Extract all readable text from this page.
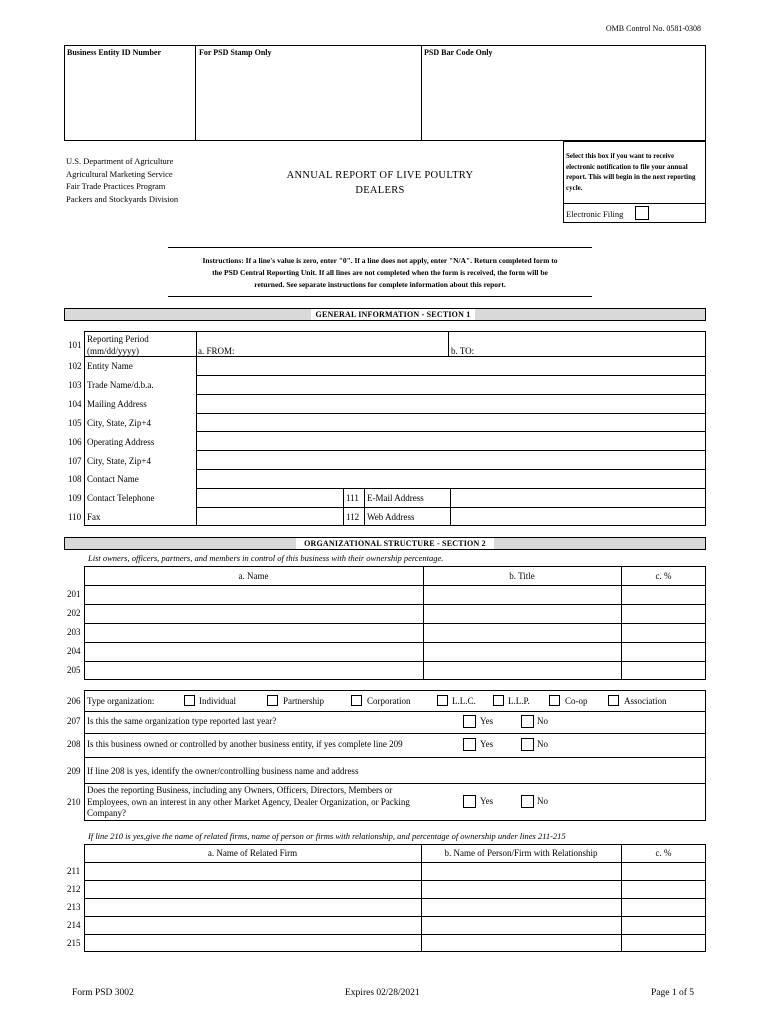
OMB Control No. 0581-0308
Business Entity ID Number	For PSD Stamp Only	PSD Bar Code Only
U.S. Department of Agriculture
Agricultural Marketing Service
Fair Trade Practices Program
Packers and Stockyards Division
ANNUAL REPORT OF LIVE POULTRY
DEALERS
Select this box if you want to receive electronic notification to file your annual report. This will begin in the next reporting cycle.
Electronic Filing
Instructions: If a line's value is zero, enter "0". If a line does not apply, enter "N/A". Return completed form to
the PSD Central Reporting Unit. If all lines are not completed when the form is received, the form will be
returned. See separate instructions for complete information about this report.
GENERAL INFORMATION - SECTION 1
101
Reporting Period
(mm/dd/yyyy)	a. FROM:	b. TO:
102 Entity Name
103 Trade Name/d.b.a.
104 Mailing Address
105 City, State, Zip+4
106 Operating Address
107 City, State, Zip+4
108 Contact Name
109 Contact Telephone	111 E-Mail Address
110 Fax	112 Web Address
ORGANIZATIONAL STRUCTURE - SECTION 2
List owners, officers, partners, and members in control of this business with their ownership percentage.
a. Name	b. Title	c. %
201
202
203
204
205
206 Type organization:	Individual	Partnership	Corporation	L.L.C.	L.L.P.	Co-op	Association
207 Is this the same organization type reported last year?	Yes	No
208 Is this business owned or controlled by another business entity, if yes complete line 209	Yes	No
209 If line 208 is yes, identify the owner/controlling business name and address
210
Does the reporting Business, including any Owners, Officers, Directors, Members or
Employees, own an interest in any other Market Agency, Dealer Organization, or Packing
Company?
Yes	No
If line 210 is yes,give the name of related firms, name of person or firms with relationship, and percentage of ownership under lines 211-215
a. Name of Related Firm	b. Name of Person/Firm with Relationship	c. %
211
212
213
214
215
Form PSD 3002	Expires 02/28/2021	Page 1 of 5
